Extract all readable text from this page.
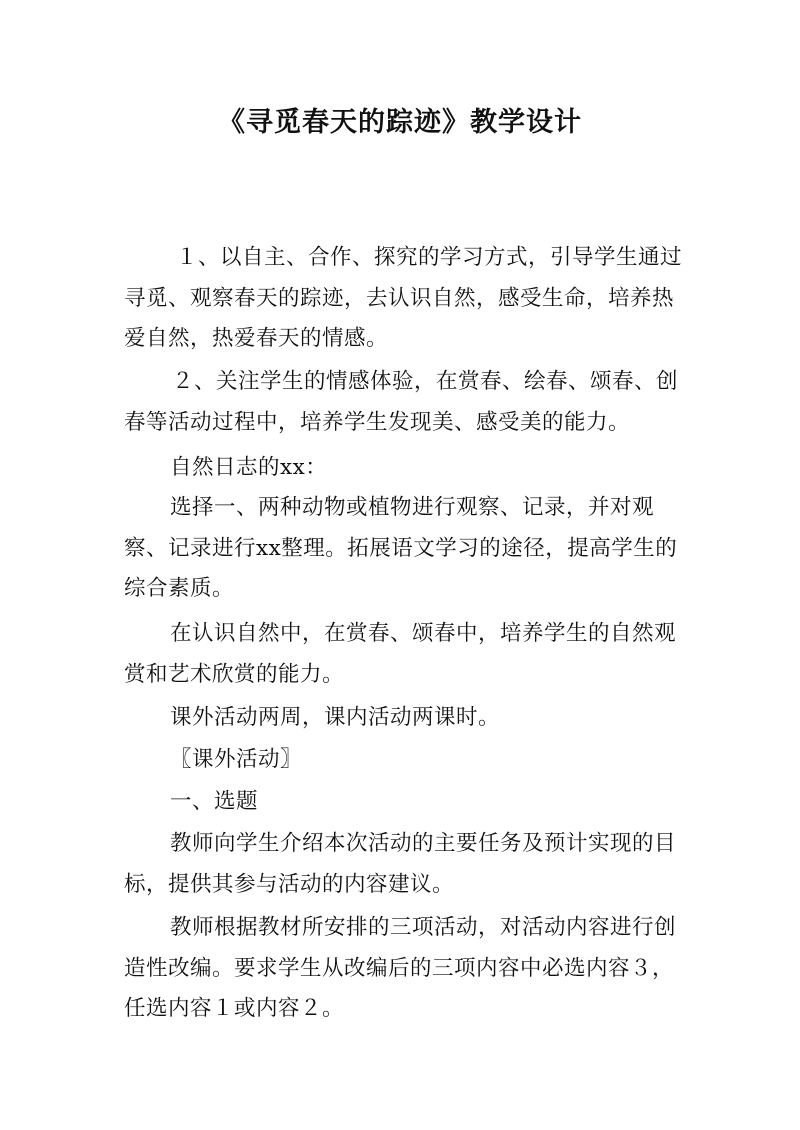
《寻觅春天的踪迹》教学设计

１、以自主、合作、探究的学习方式，引导学生通过寻觅、观察春天的踪迹，去认识自然，感受生命，培养热爱自然，热爱春天的情感。

２、关注学生的情感体验，在赏春、绘春、颂春、创春等活动过程中，培养学生发现美、感受美的能力。

自然日志的xx：

选择一、两种动物或植物进行观察、记录，并对观察、记录进行xx整理。拓展语文学习的途径，提高学生的综合素质。

在认识自然中，在赏春、颂春中，培养学生的自然观赏和艺术欣赏的能力。

课外活动两周，课内活动两课时。

〖课外活动〗

一、选题

教师向学生介绍本次活动的主要任务及预计实现的目标，提供其参与活动的内容建议。

教师根据教材所安排的三项活动，对活动内容进行创造性改编。要求学生从改编后的三项内容中必选内容３，任选内容１或内容２。
